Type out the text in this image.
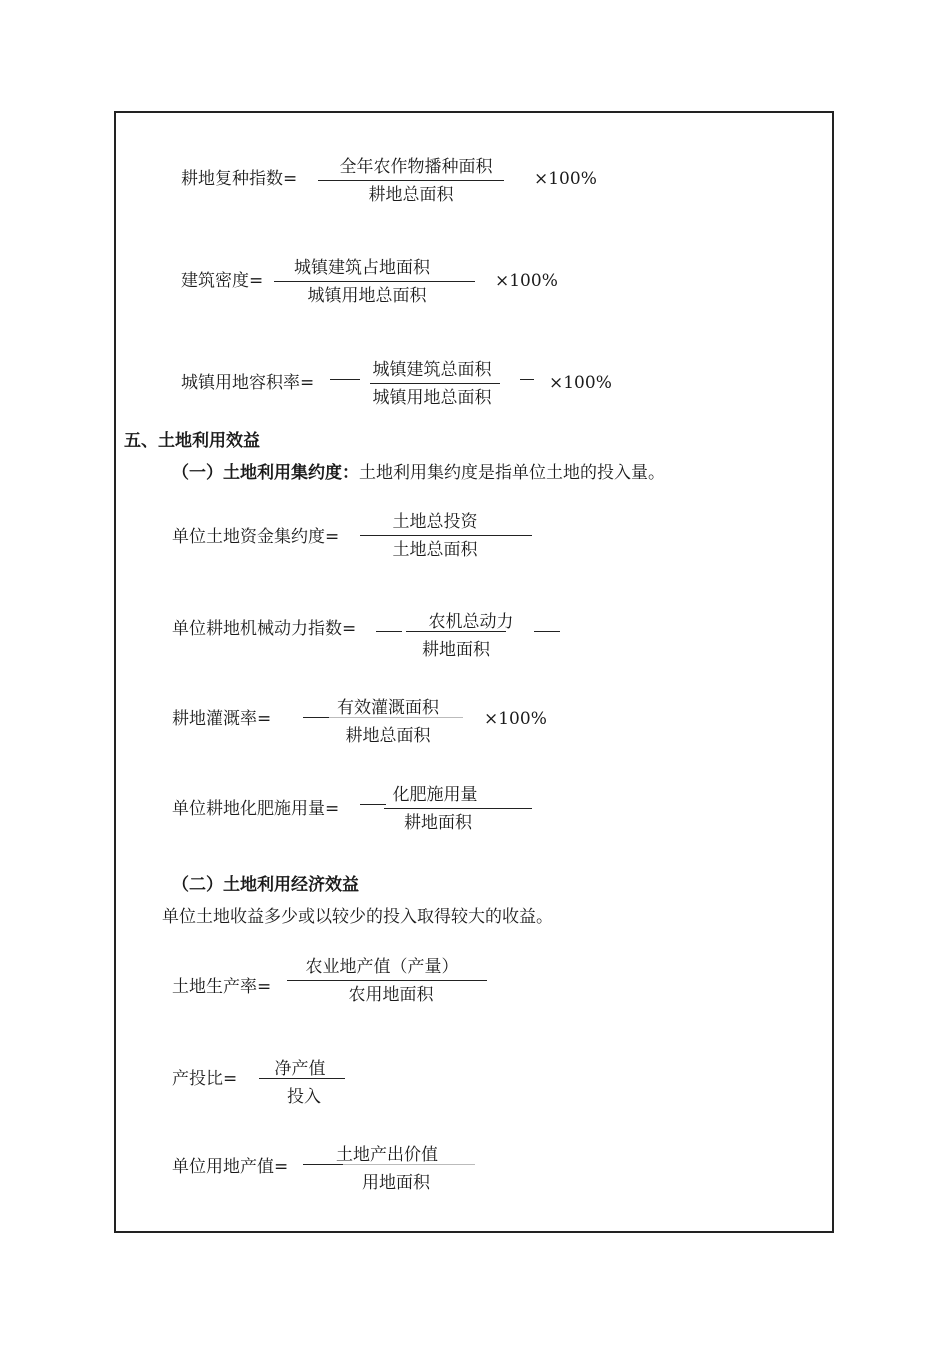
耕地复种指数=
全年农作物播种面积
耕地总面积
×100%
建筑密度=
城镇建筑占地面积
城镇用地总面积
×100%
城镇用地容积率=
城镇建筑总面积
城镇用地总面积
×100%
五、土地利用效益
（一）土地利用集约度：土地利用集约度是指单位土地的投入量。
单位土地资金集约度=
土地总投资
土地总面积
单位耕地机械动力指数=	农机总动力
耕地面积
耕地灌溉率=
有效灌溉面积
耕地总面积
×100%
单位耕地化肥施用量=
化肥施用量
耕地面积
（二）土地利用经济效益
单位土地收益多少或以较少的投入取得较大的收益。
土地生产率=
农业地产值（产量）
农用地面积
产投比=	净产值
投入
单位用地产值=
土地产出价值
用地面积
